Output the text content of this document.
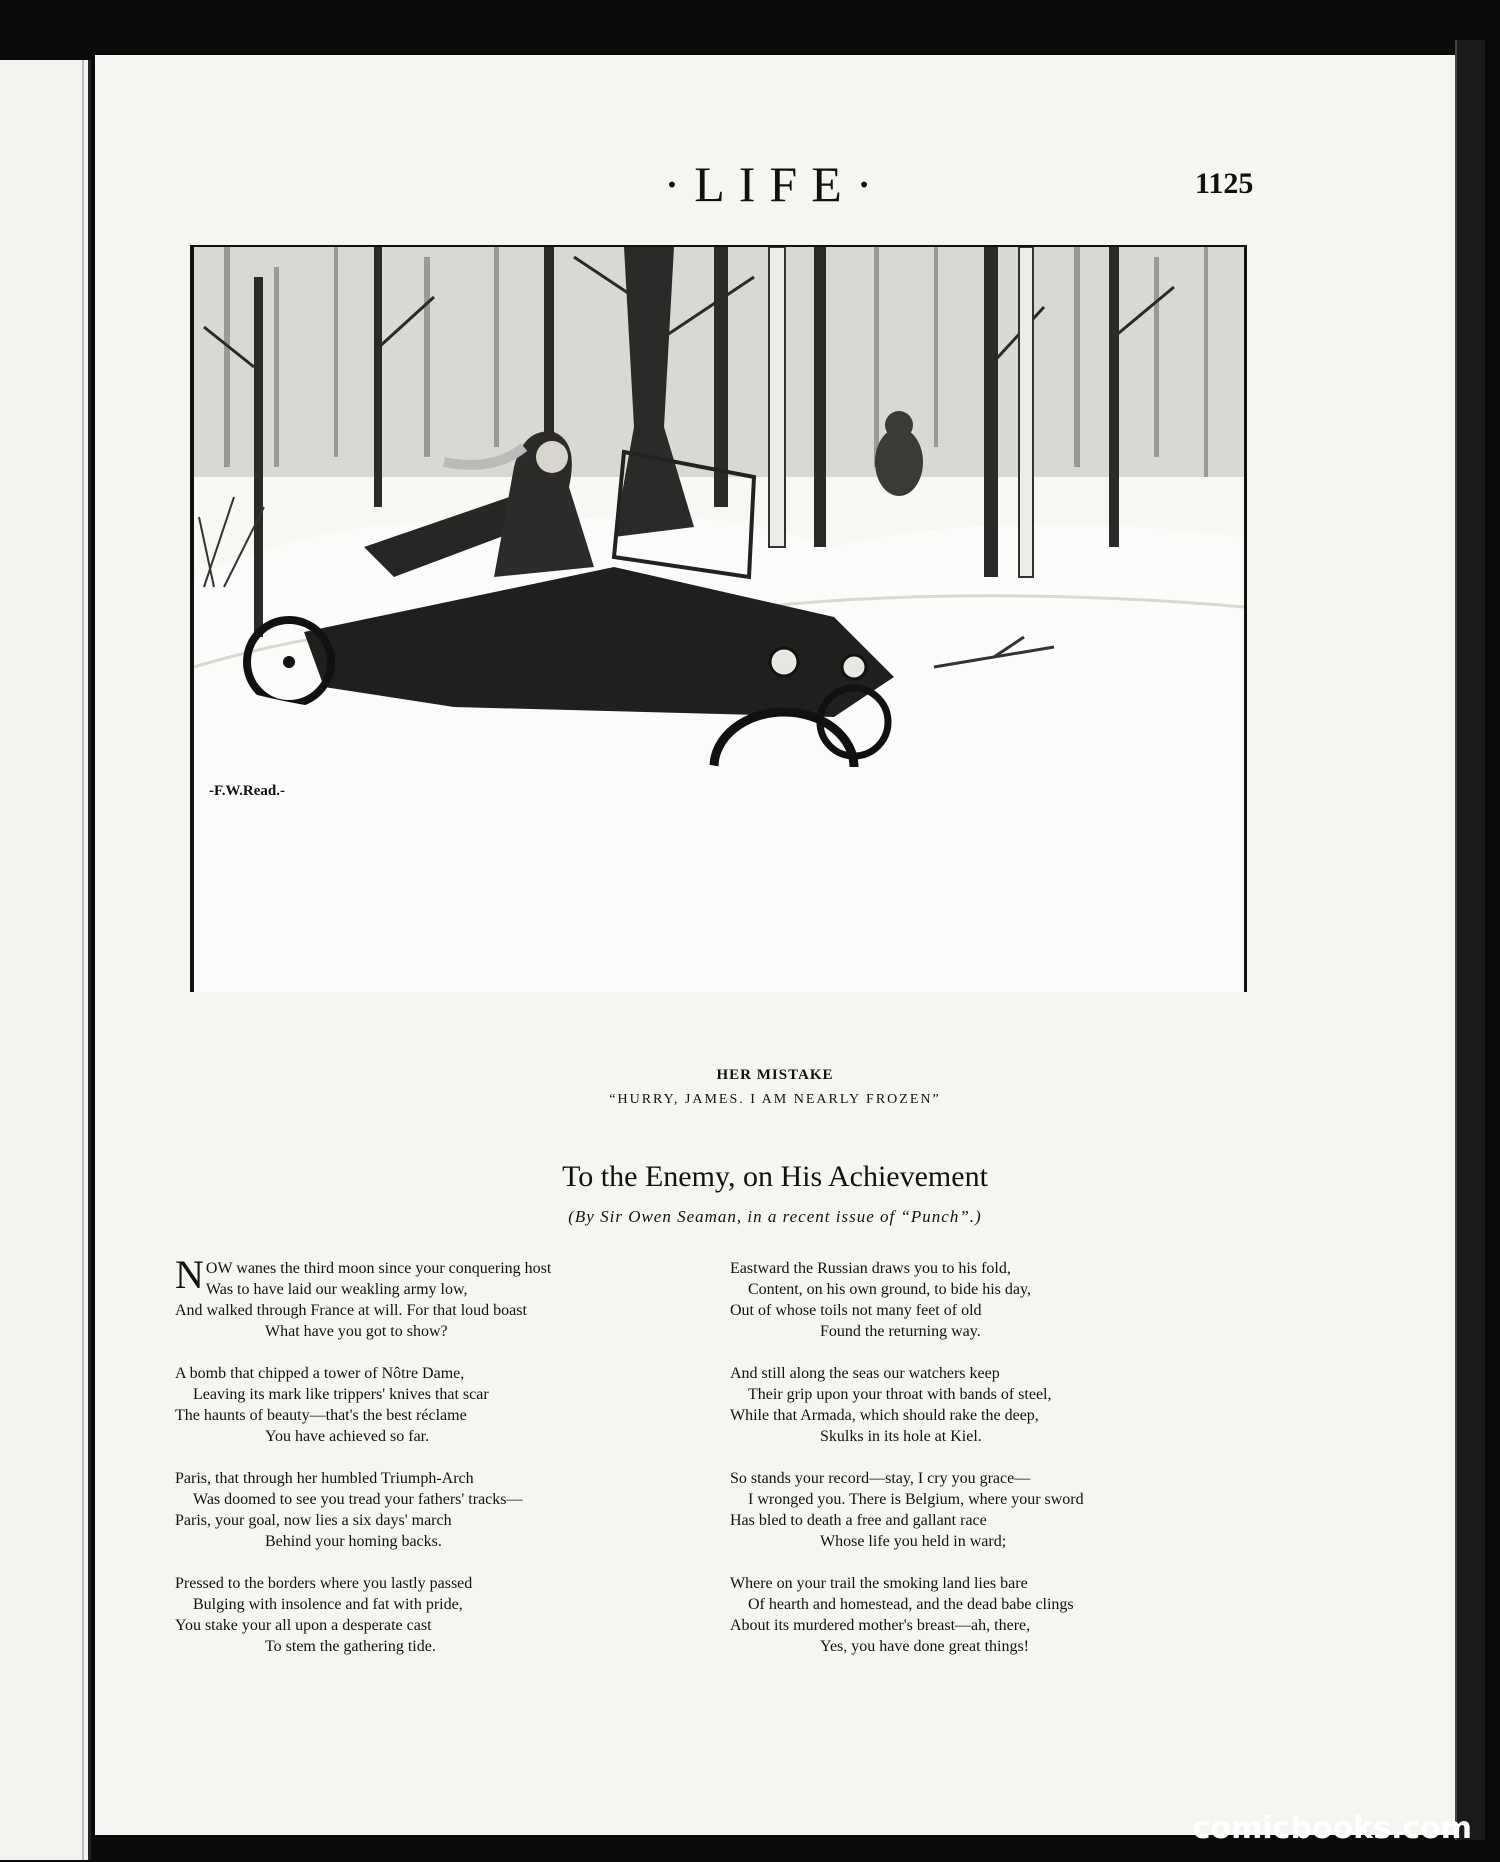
·LIFE·	1125
-F.W.Read.-
HER MISTAKE
“HURRY, JAMES. I AM NEARLY FROZEN”
To the Enemy, on His Achievement
(By Sir Owen Seaman, in a recent issue of “Punch”.)
NOW wanes the third moon since your conquering host
Was to have laid our weakling army low,
And walked through France at will. For that loud boast
What have you got to show?
A bomb that chipped a tower of Nôtre Dame,
Leaving its mark like trippers' knives that scar
The haunts of beauty—that's the best réclame
You have achieved so far.
Paris, that through her humbled Triumph-Arch
Was doomed to see you tread your fathers' tracks—
Paris, your goal, now lies a six days' march
Behind your homing backs.
Pressed to the borders where you lastly passed
Bulging with insolence and fat with pride,
You stake your all upon a desperate cast
To stem the gathering tide.
Eastward the Russian draws you to his fold,
Content, on his own ground, to bide his day,
Out of whose toils not many feet of old
Found the returning way.
And still along the seas our watchers keep
Their grip upon your throat with bands of steel,
While that Armada, which should rake the deep,
Skulks in its hole at Kiel.
So stands your record—stay, I cry you grace—
I wronged you. There is Belgium, where your sword
Has bled to death a free and gallant race
Whose life you held in ward;
Where on your trail the smoking land lies bare
Of hearth and homestead, and the dead babe clings
About its murdered mother's breast—ah, there,
Yes, you have done great things!
comicbooks.com
